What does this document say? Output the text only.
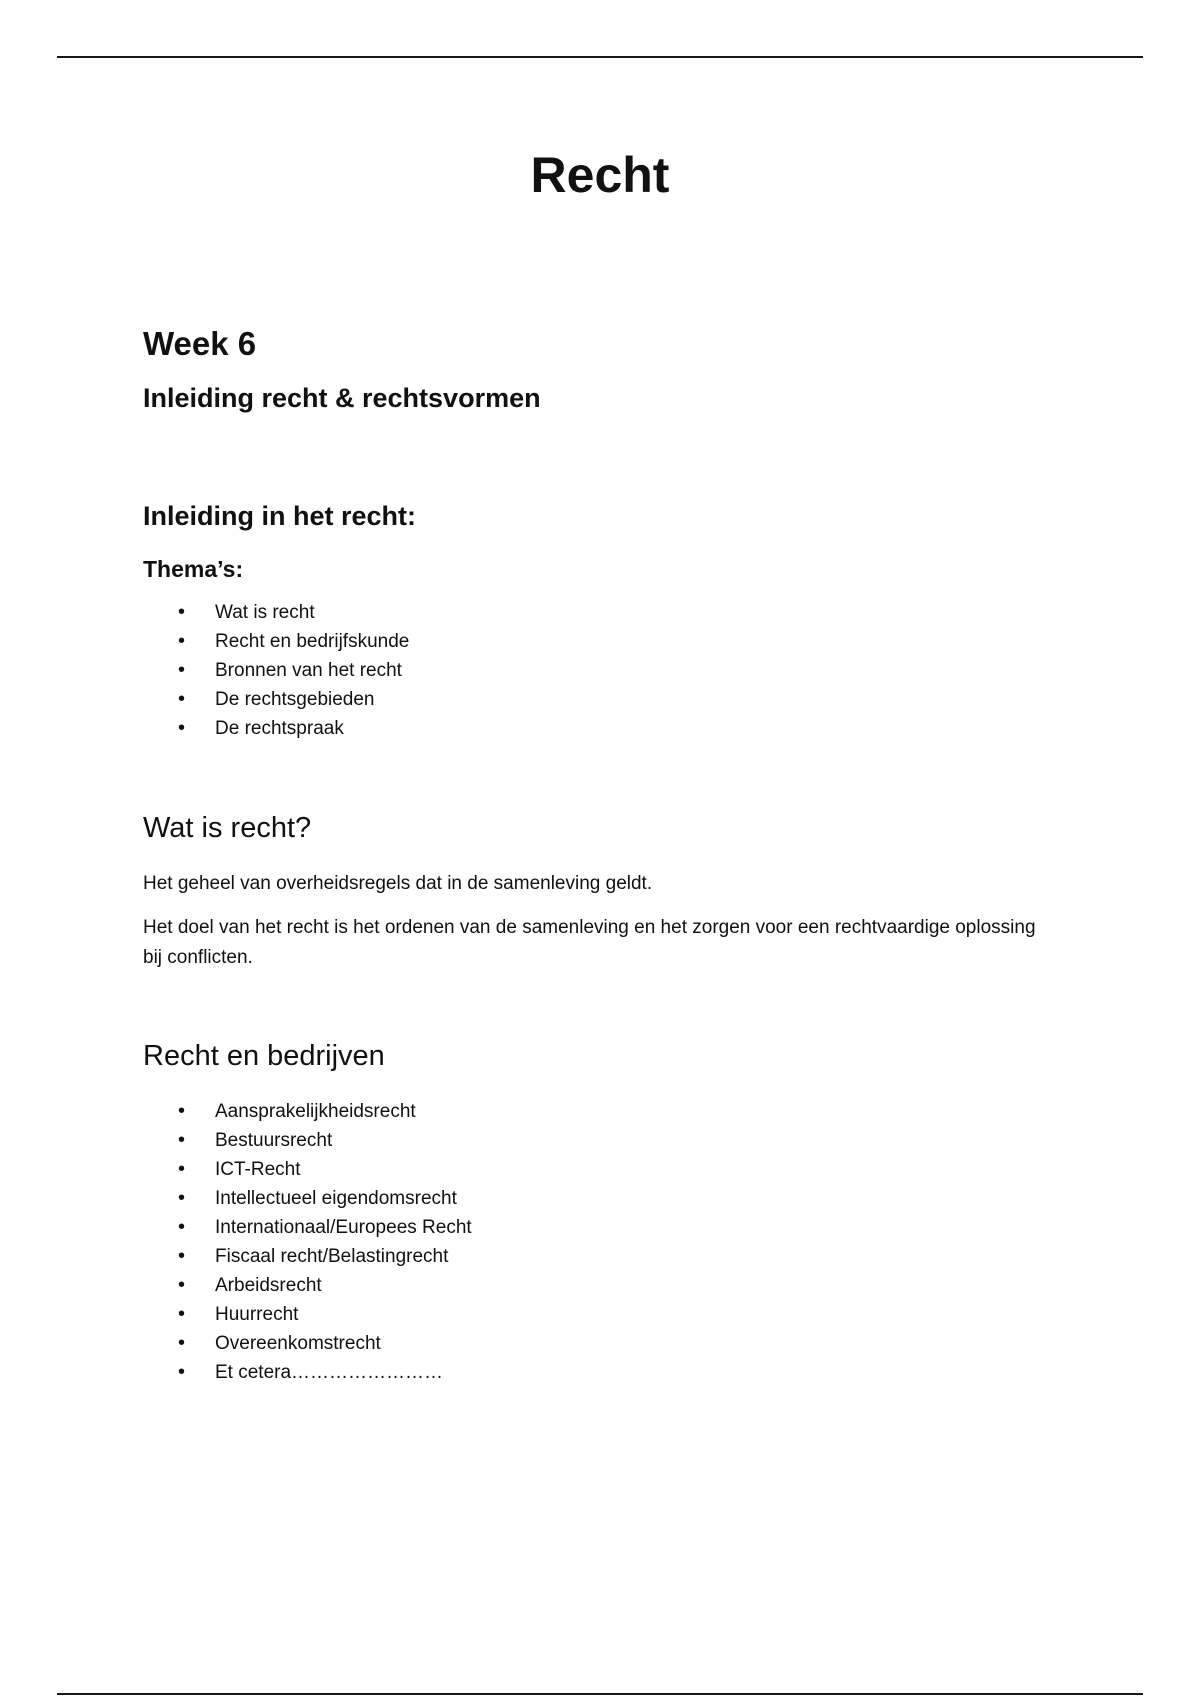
Recht
Week 6
Inleiding recht & rechtsvormen
Inleiding in het recht:
Thema’s:
• Wat is recht
• Recht en bedrijfskunde
• Bronnen van het recht
• De rechtsgebieden
• De rechtspraak
Wat is recht?

Het geheel van overheidsregels dat in de samenleving geldt.

Het doel van het recht is het ordenen van de samenleving en het zorgen voor een rechtvaardige oplossing bij conflicten.

Recht en bedrijven
• Aansprakelijkheidsrecht
• Bestuursrecht
• ICT-Recht
• Intellectueel eigendomsrecht
• Internationaal/Europees Recht
• Fiscaal recht/Belastingrecht
• Arbeidsrecht
• Huurrecht
• Overeenkomstrecht
• Et cetera……………………
